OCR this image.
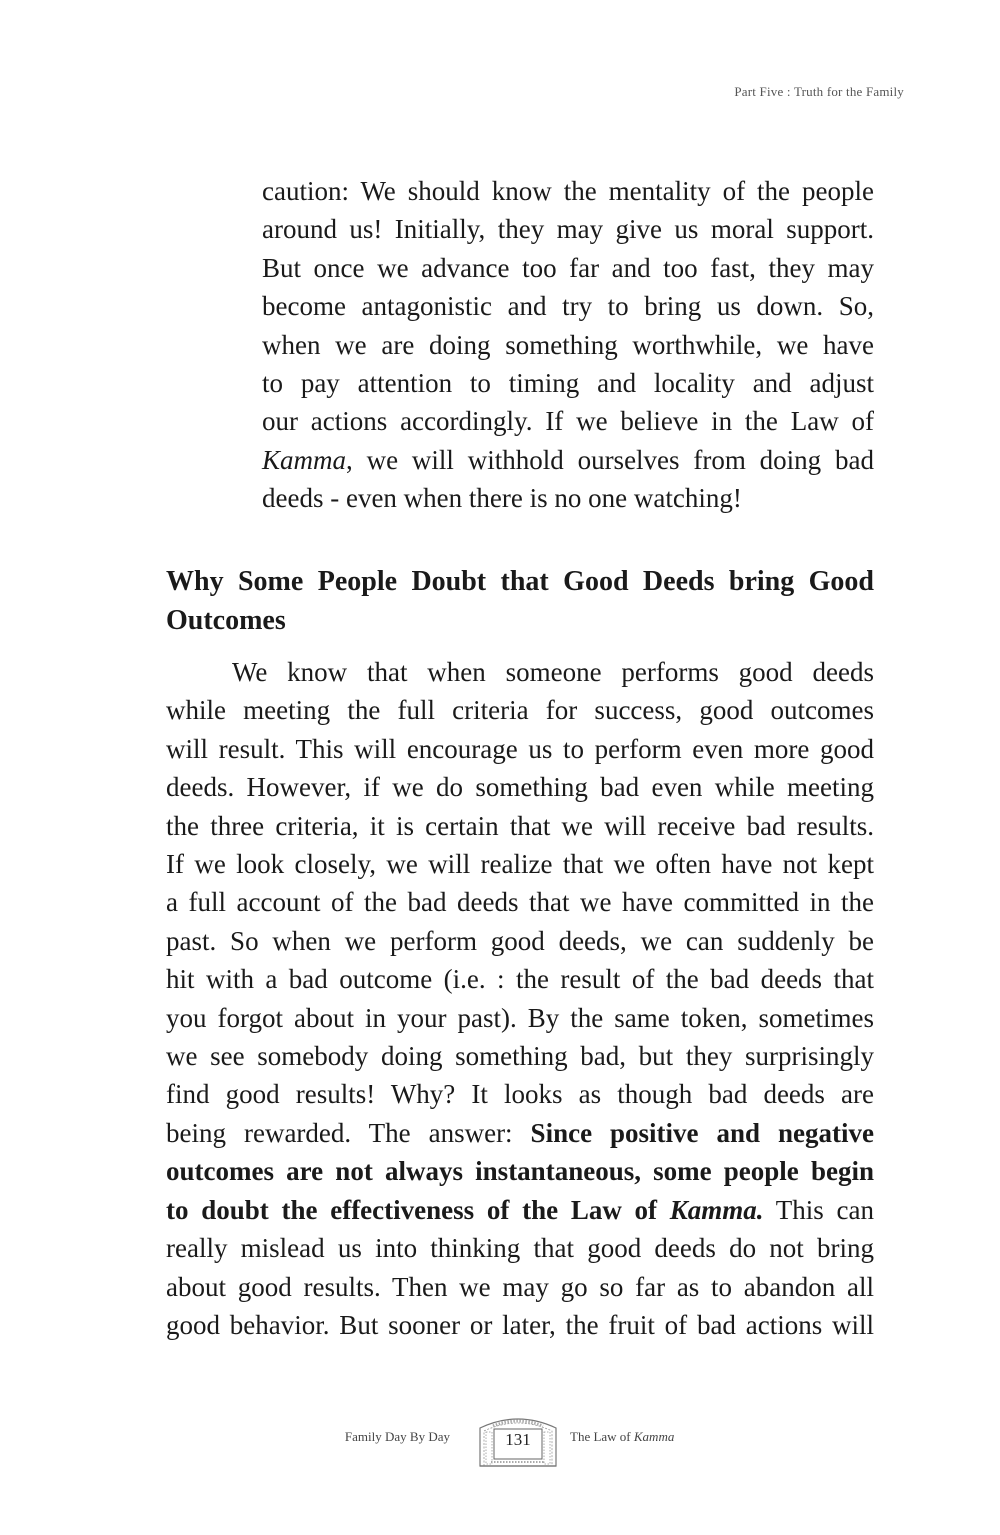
Part Five : Truth for the Family
caution: We should know the mentality of the people
around us! Initially, they may give us moral support.
But once we advance too far and too fast, they may
become antagonistic and try to bring us down. So,
when we are doing something worthwhile, we have
to pay attention to timing and locality and adjust
our actions accordingly. If we believe in the Law of
Kamma, we will withhold ourselves from doing bad
deeds - even when there is no one watching!
Why Some People Doubt that Good Deeds bring Good
Outcomes
We know that when someone performs good deeds
while meeting the full criteria for success, good outcomes
will result. This will encourage us to perform even more good
deeds. However, if we do something bad even while meeting
the three criteria, it is certain that we will receive bad results.
If we look closely, we will realize that we often have not kept
a full account of the bad deeds that we have committed in the
past. So when we perform good deeds, we can suddenly be
hit with a bad outcome (i.e. : the result of the bad deeds that
you forgot about in your past). By the same token, sometimes
we see somebody doing something bad, but they surprisingly
find good results! Why? It looks as though bad deeds are
being rewarded. The answer: Since positive and negative
outcomes are not always instantaneous, some people begin
to doubt the effectiveness of the Law of Kamma. This can
really mislead us into thinking that good deeds do not bring
about good results. Then we may go so far as to abandon all
good behavior. But sooner or later, the fruit of bad actions will
Family Day By Day	131	The Law of Kamma
